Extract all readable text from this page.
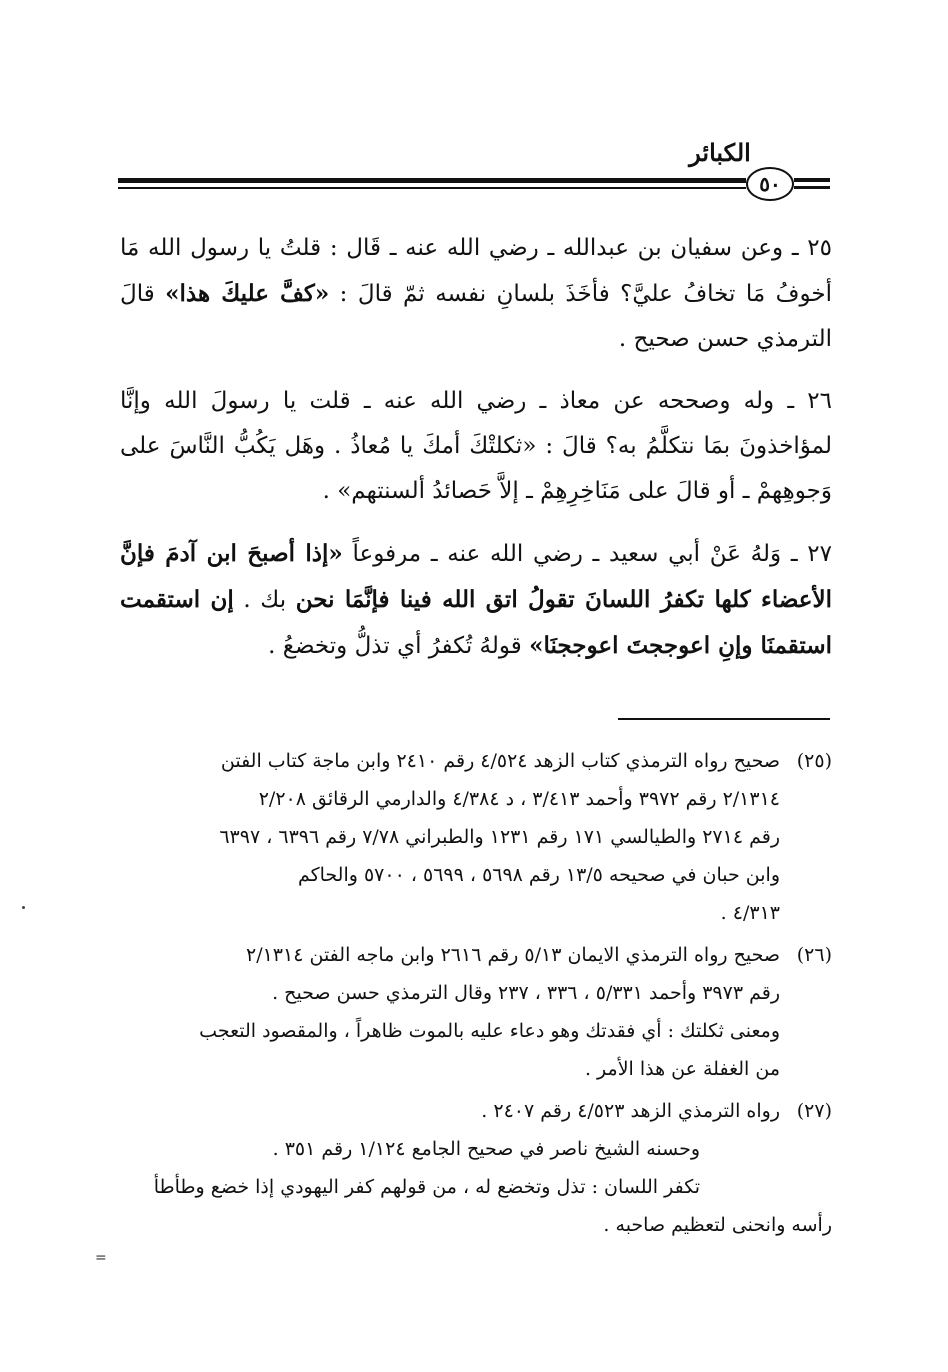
الكبائر
٥٠

٢٥ ـ وعن سفيان بن عبدالله ـ رضي الله عنه ـ قَال : قلتُ يا رسول الله مَا أخوفُ مَا تخافُ عليَّ؟ فأخَذَ بلسانِ نفسه ثمّ قالَ : «كفَّ عليكَ هذا» قالَ الترمذي حسن صحيح .

٢٦ ـ وله وصححه عن معاذ ـ رضي الله عنه ـ قلت يا رسولَ الله وإنَّا لمؤاخذونَ بمَا نتكلَّمُ به؟ قالَ : «ثكلتْكَ أمكَ يا مُعاذُ . وهَل يَكُبُّ النَّاسَ على وَجوهِهمْ ـ أو قالَ على مَنَاخِرِهِمْ ـ إلاَّ حَصائدُ ألسنتهم» .

٢٧ ـ وَلهُ عَنْ أبي سعيد ـ رضي الله عنه ـ مرفوعاً «إذا أصبحَ ابن آدمَ فإنَّ الأعضاء كلها تكفرُ اللسانَ تقولُ اتق الله فينا فإنَّمَا نحن بك . إن استقمت استقمنَا وإنِ اعوججتَ اعوججنَا» قولهُ تُكفرُ أي تذلُّ وتخضعُ .

(٢٥)
صحيح رواه الترمذي كتاب الزهد ٤/٥٢٤ رقم ٢٤١٠ وابن ماجة كتاب الفتن
٢/١٣١٤ رقم ٣٩٧٢ وأحمد ٣/٤١٣ ، د ٤/٣٨٤ والدارمي الرقائق ٢/٢٠٨
رقم ٢٧١٤ والطيالسي ١٧١ رقم ١٢٣١ والطبراني ٧/٧٨ رقم ٦٣٩٦ ، ٦٣٩٧
وابن حبان في صحيحه ١٣/٥ رقم ٥٦٩٨ ، ٥٦٩٩ ، ٥٧٠٠ والحاكم
٤/٣١٣ .
(٢٦)
صحيح رواه الترمذي الايمان ٥/١٣ رقم ٢٦١٦ وابن ماجه الفتن ٢/١٣١٤
رقم ٣٩٧٣ وأحمد ٥/٣٣١ ، ٣٣٦ ، ٢٣٧ وقال الترمذي حسن صحيح .
ومعنى ثكلتك : أي فقدتك وهو دعاء عليه بالموت ظاهراً ، والمقصود التعجب
من الغفلة عن هذا الأمر .
(٢٧)
رواه الترمذي الزهد ٤/٥٢٣ رقم ٢٤٠٧ .
وحسنه الشيخ ناصر في صحيح الجامع ١/١٢٤ رقم ٣٥١ .
تكفر اللسان : تذل وتخضع له ، من قولهم كفر اليهودي إذا خضع وطأطأ
رأسه وانحنى لتعظيم صاحبه .
=
